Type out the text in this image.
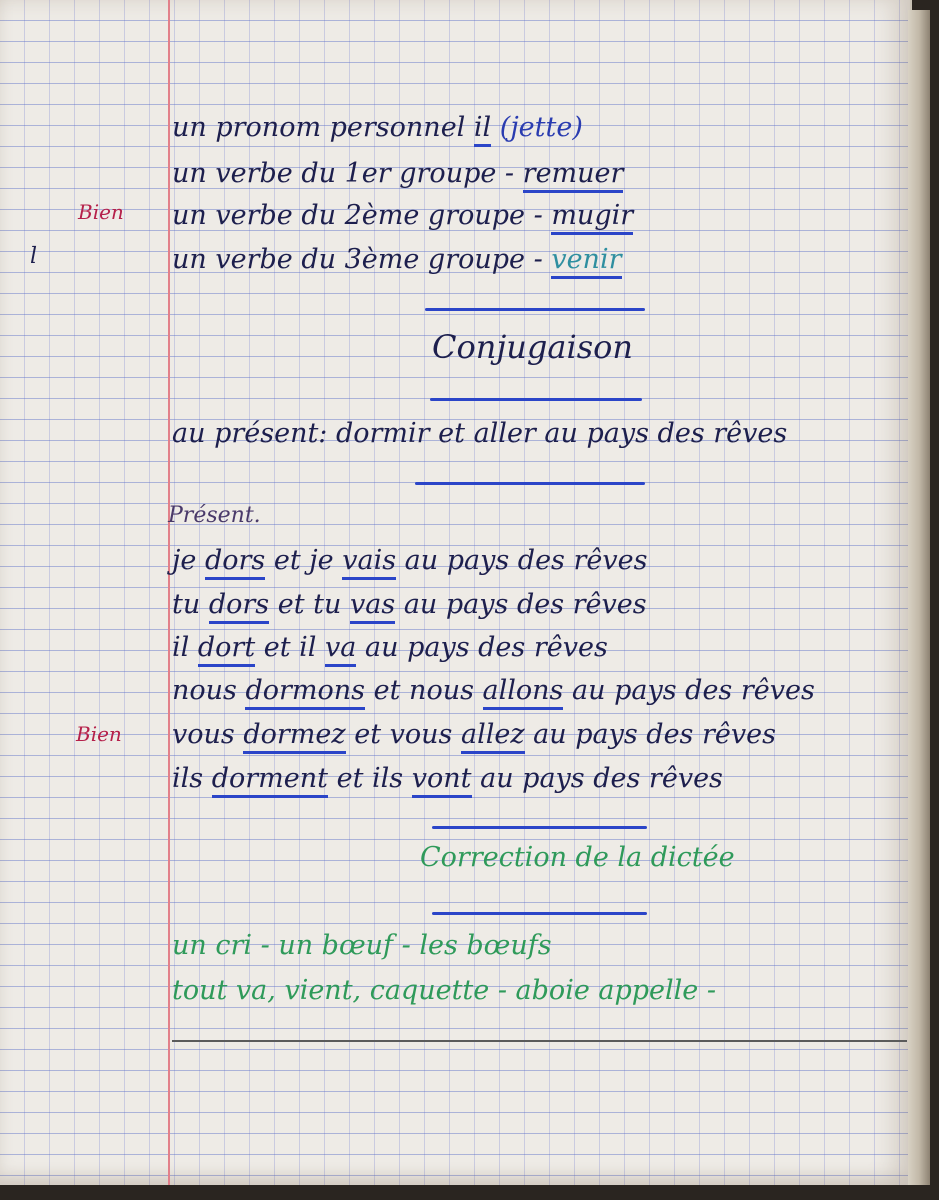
un pronom personnel il (jette)
un verbe du 1er groupe - remuer
un verbe du 2ème groupe - mugir
un verbe du 3ème groupe - venir
Bien
l
Conjugaison
au présent: dormir et aller au pays des rêves
Présent.
je dors et je vais au pays des rêves
tu dors et tu vas au pays des rêves
il dort et il va au pays des rêves
nous dormons et nous allons au pays des rêves
vous dormez et vous allez au pays des rêves
ils dorment et ils vont au pays des rêves
Bien
Correction de la dictée
un cri - un bœuf - les bœufs
tout va, vient, caquette - aboie appelle -
